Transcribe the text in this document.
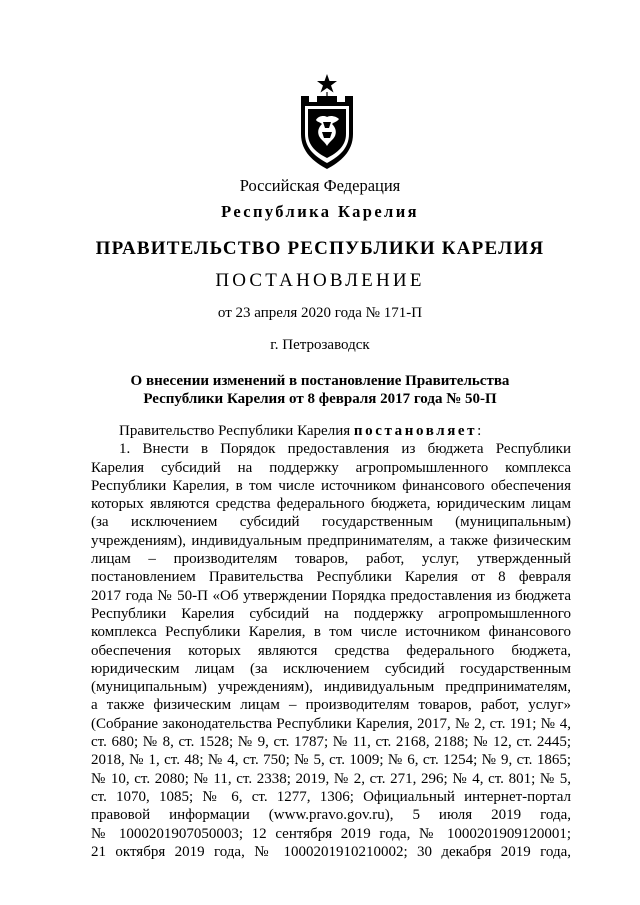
Российская Федерация
Республика Карелия
ПРАВИТЕЛЬСТВО РЕСПУБЛИКИ КАРЕЛИЯ
ПОСТАНОВЛЕНИЕ
от 23 апреля 2020 года № 171-П
г. Петрозаводск
О внесении изменений в постановление Правительства
Республики Карелия от 8 февраля 2017 года № 50-П
Правительство Республики Карелия постановляет:
1. Внести в Порядок предоставления из бюджета Республики
Карелия субсидий на поддержку агропромышленного комплекса
Республики Карелия, в том числе источником финансового обеспечения
которых являются средства федерального бюджета, юридическим лицам
(за исключением субсидий государственным (муниципальным)
учреждениям), индивидуальным предпринимателям, а также физическим
лицам – производителям товаров, работ, услуг, утвержденный
постановлением Правительства Республики Карелия от 8 февраля
2017 года № 50-П «Об утверждении Порядка предоставления из бюджета
Республики Карелия субсидий на поддержку агропромышленного
комплекса Республики Карелия, в том числе источником финансового
обеспечения которых являются средства федерального бюджета,
юридическим лицам (за исключением субсидий государственным
(муниципальным) учреждениям), индивидуальным предпринимателям,
а также физическим лицам – производителям товаров, работ, услуг»
(Собрание законодательства Республики Карелия, 2017, № 2, ст. 191; № 4,
ст. 680; № 8, ст. 1528; № 9, ст. 1787; № 11, ст. 2168, 2188; № 12, ст. 2445;
2018, № 1, ст. 48; № 4, ст. 750; № 5, ст. 1009; № 6, ст. 1254; № 9, ст. 1865;
№ 10, ст. 2080; № 11, ст. 2338; 2019, № 2, ст. 271, 296; № 4, ст. 801; № 5,
ст. 1070, 1085; № 6, ст. 1277, 1306; Официальный интернет-портал
правовой информации (www.pravo.gov.ru), 5 июля 2019 года,
№ 1000201907050003; 12 сентября 2019 года, № 1000201909120001;
21 октября 2019 года, № 1000201910210002; 30 декабря 2019 года,
